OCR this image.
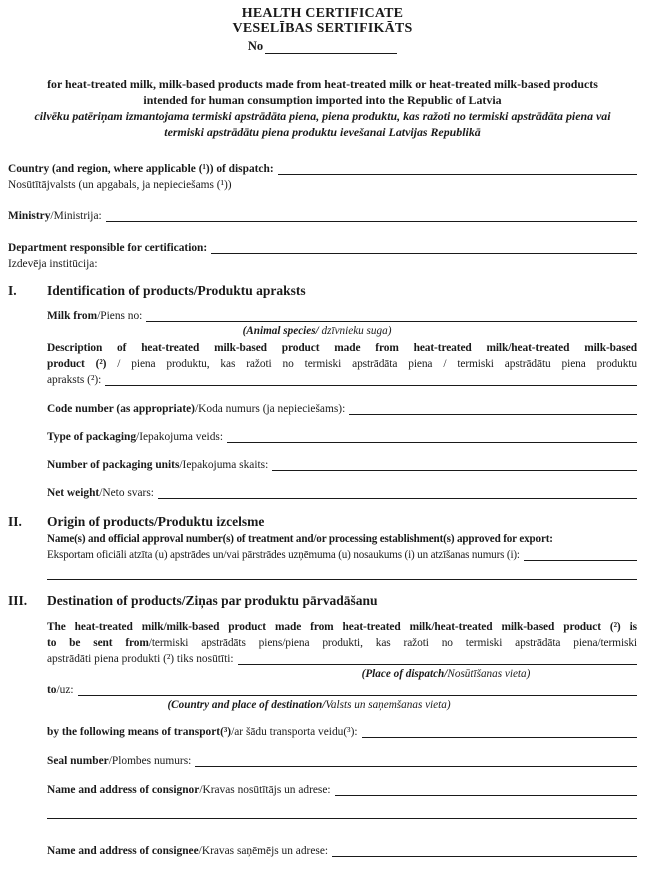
HEALTH CERTIFICATE
VESELĪBAS SERTIFIKĀTS
No
for heat-treated milk, milk-based products made from heat-treated milk or heat-treated milk-based products intended for human consumption imported into the Republic of Latvia
cilvēku patēriņam izmantojama termiski apstrādāta piena, piena produktu, kas ražoti no termiski apstrādāta piena vai termiski apstrādātu piena produktu ievešanai Latvijas Republikā
Country (and region, where applicable (¹)) of dispatch:
Nosūtītājvalsts (un apgabals, ja nepieciešams (¹))
Ministry /Ministrija:
Department responsible for certification:
Izdevēja institūcija:
I.	Identification of products/Produktu apraksts
Milk from /Piens no:
(Animal species/ dzīvnieku suga)
Description of heat-treated milk-based product made from heat-treated milk/heat-treated milk-based
product (²) / piena produktu, kas ražoti no termiski apstrādāta piena / termiski apstrādātu piena produktu
apraksts (²):
Code number (as appropriate) /Koda numurs (ja nepieciešams):
Type of packaging /Iepakojuma veids:
Number of packaging units /Iepakojuma skaits:
Net weight /Neto svars:
II.	Origin of products/Produktu izcelsme
Name(s) and official approval number(s) of treatment and/or processing establishment(s) approved for export:
Eksportam oficiāli atzīta (u) apstrādes un/vai pārstrādes uzņēmuma (u) nosaukums (i) un atzīšanas numurs (i):
III.	Destination of products/Ziņas par produktu pārvadāšanu
The heat-treated milk/milk-based product made from heat-treated milk/heat-treated milk-based product (²) is
to be sent from/termiski apstrādāts piens/piena produkti, kas ražoti no termiski apstrādāta piena/termiski
apstrādāti piena produkti (²) tiks nosūtīti:
(Place of dispatch/Nosūtīšanas vieta)
to /uz:
(Country and place of destination/Valsts un saņemšanas vieta)
by the following means of transport(³) /ar šādu transporta veidu(³):
Seal number /Plombes numurs:
Name and address of consignor /Kravas nosūtītājs un adrese:
Name and address of consignee /Kravas saņēmējs un adrese:
